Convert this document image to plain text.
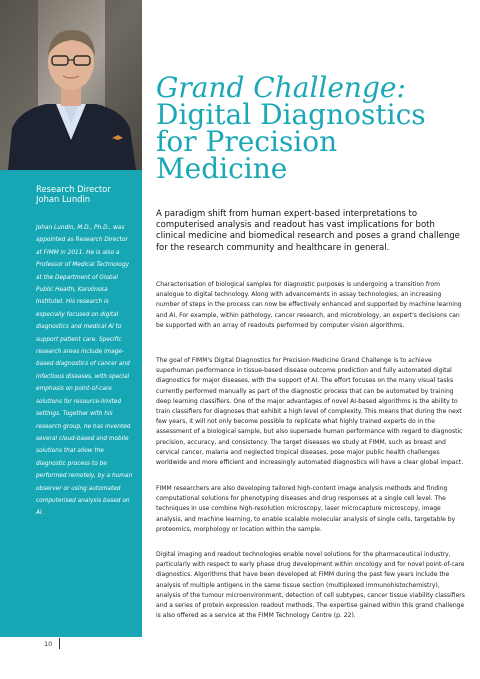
Research Director
Johan Lundin
Johan Lundin, M.D., Ph.D., was appointed as Research Director at FIMM in 2011. He is also a Professor of Medical Technology at the Department of Global Public Health, Karolinska Institutet. His research is especially focused on digital diagnostics and medical AI to support patient care. Specific research areas include image-based diagnostics of cancer and infectious diseases, with special emphasis on point-of-care solutions for resource-limited settings. Together with his research group, he has invented several cloud-based and mobile solutions that allow the diagnostic process to be performed remotely, by a human observer or using automated computerised analysis based on AI.
10
Grand Challenge:
Digital Diagnostics for Precision Medicine

A paradigm shift from human expert-based interpretations to computerised analysis and readout has vast implications for both clinical medicine and biomedical research and poses a grand challenge for the research community and healthcare in general.

Characterisation of biological samples for diagnostic purposes is undergoing a transition from analogue to digital technology. Along with advancements in assay technologies, an increasing number of steps in the process can now be effectively enhanced and supported by machine learning and AI. For example, within pathology, cancer research, and microbiology, an expert's decisions can be supported with an array of readouts performed by computer vision algorithms.

The goal of FIMM's Digital Diagnostics for Precision Medicine Grand Challenge is to achieve superhuman performance in tissue-based disease outcome prediction and fully automated digital diagnostics for major diseases, with the support of AI. The effort focuses on the many visual tasks currently performed manually as part of the diagnostic process that can be automated by training deep learning classifiers. One of the major advantages of novel AI-based algorithms is the ability to train classifiers for diagnoses that exhibit a high level of complexity. This means that during the next few years, it will not only become possible to replicate what highly trained experts do in the assessment of a biological sample, but also supersede human performance with regard to diagnostic precision, accuracy, and consistency. The target diseases we study at FIMM, such as breast and cervical cancer, malaria and neglected tropical diseases, pose major public health challenges worldwide and more efficient and increasingly automated diagnostics will have a clear global impact.

FIMM researchers are also developing tailored high-content image analysis methods and finding computational solutions for phenotyping diseases and drug responses at a single cell level. The techniques in use combine high-resolution microscopy, laser microcapture microscopy, image analysis, and machine learning, to enable scalable molecular analysis of single cells, targetable by proteomics, morphology or location within the sample.

Digital imaging and readout technologies enable novel solutions for the pharmaceutical industry, particularly with respect to early phase drug development within oncology and for novel point-of-care diagnostics. Algorithms that have been developed at FIMM during the past few years include the analysis of multiple antigens in the same tissue section (multiplexed immunohistochemistry), analysis of the tumour microenvironment, detection of cell subtypes, cancer tissue viability classifiers and a series of protein expression readout methods. The expertise gained within this grand challenge is also offered as a service at the FIMM Technology Centre (p. 22).
